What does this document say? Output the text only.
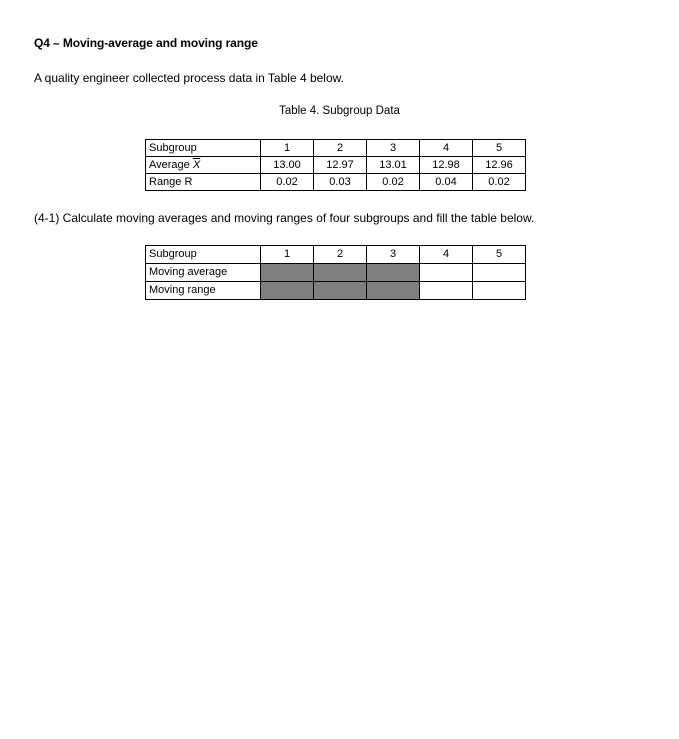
Q4 – Moving-average and moving range
A quality engineer collected process data in Table 4 below.
Table 4. Subgroup Data
Subgroup	1	2	3	4	5
Average $\overline{X}$	13.00	12.97	13.01	12.98	12.96
Range R	0.02	0.03	0.02	0.04	0.02
(4-1) Calculate moving averages and moving ranges of four subgroups and fill the table below.
Subgroup	1	2	3	4	5
Moving average					
Moving range					
